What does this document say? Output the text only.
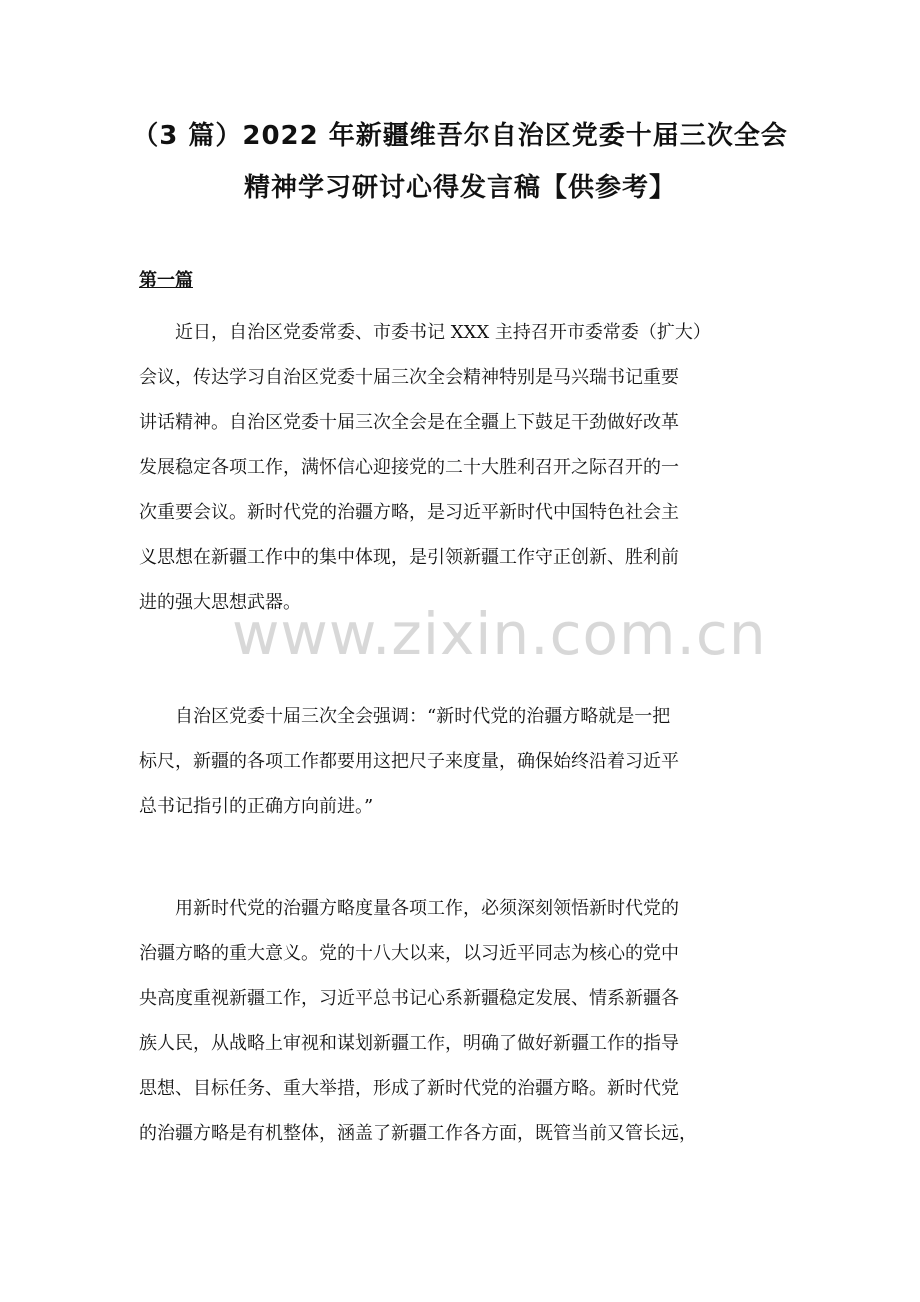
（3 篇）2022 年新疆维吾尔自治区党委十届三次全会
精神学习研讨心得发言稿【供参考】
第一篇
近日，自治区党委常委、市委书记 XXX 主持召开市委常委（扩大）
会议，传达学习自治区党委十届三次全会精神特别是马兴瑞书记重要
讲话精神。自治区党委十届三次全会是在全疆上下鼓足干劲做好改革
发展稳定各项工作，满怀信心迎接党的二十大胜利召开之际召开的一
次重要会议。新时代党的治疆方略，是习近平新时代中国特色社会主
义思想在新疆工作中的集中体现，是引领新疆工作守正创新、胜利前
进的强大思想武器。
自治区党委十届三次全会强调：“新时代党的治疆方略就是一把
标尺，新疆的各项工作都要用这把尺子来度量，确保始终沿着习近平
总书记指引的正确方向前进。”
用新时代党的治疆方略度量各项工作，必须深刻领悟新时代党的
治疆方略的重大意义。党的十八大以来，以习近平同志为核心的党中
央高度重视新疆工作，习近平总书记心系新疆稳定发展、情系新疆各
族人民，从战略上审视和谋划新疆工作，明确了做好新疆工作的指导
思想、目标任务、重大举措，形成了新时代党的治疆方略。新时代党
的治疆方略是有机整体，涵盖了新疆工作各方面，既管当前又管长远，
www.zixin.com.cn
